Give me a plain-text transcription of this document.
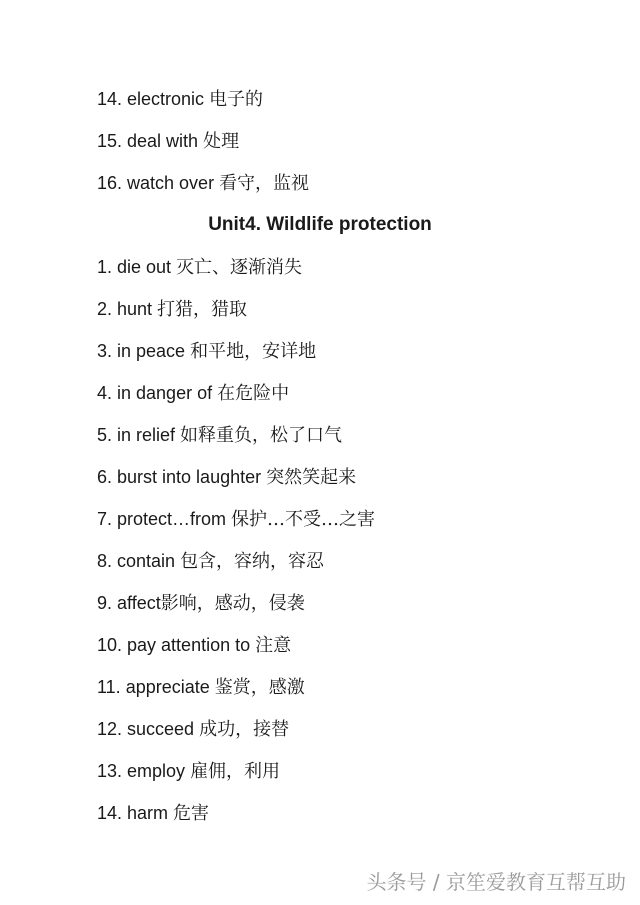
14. electronic 电子的
15. deal with 处理
16. watch over 看守，监视
Unit4. Wildlife protection
1. die out 灭亡、逐渐消失
2. hunt 打猎，猎取
3. in peace 和平地，安详地
4. in danger of 在危险中
5. in relief 如释重负，松了口气
6. burst into laughter 突然笑起来
7. protect…from 保护…不受…之害
8. contain 包含，容纳，容忍
9. affect影响，感动，侵袭
10. pay attention to 注意
11. appreciate 鉴赏，感激
12. succeed 成功，接替
13. employ 雇佣，利用
14. harm 危害
头条号 / 京笙爱教育互帮互助
